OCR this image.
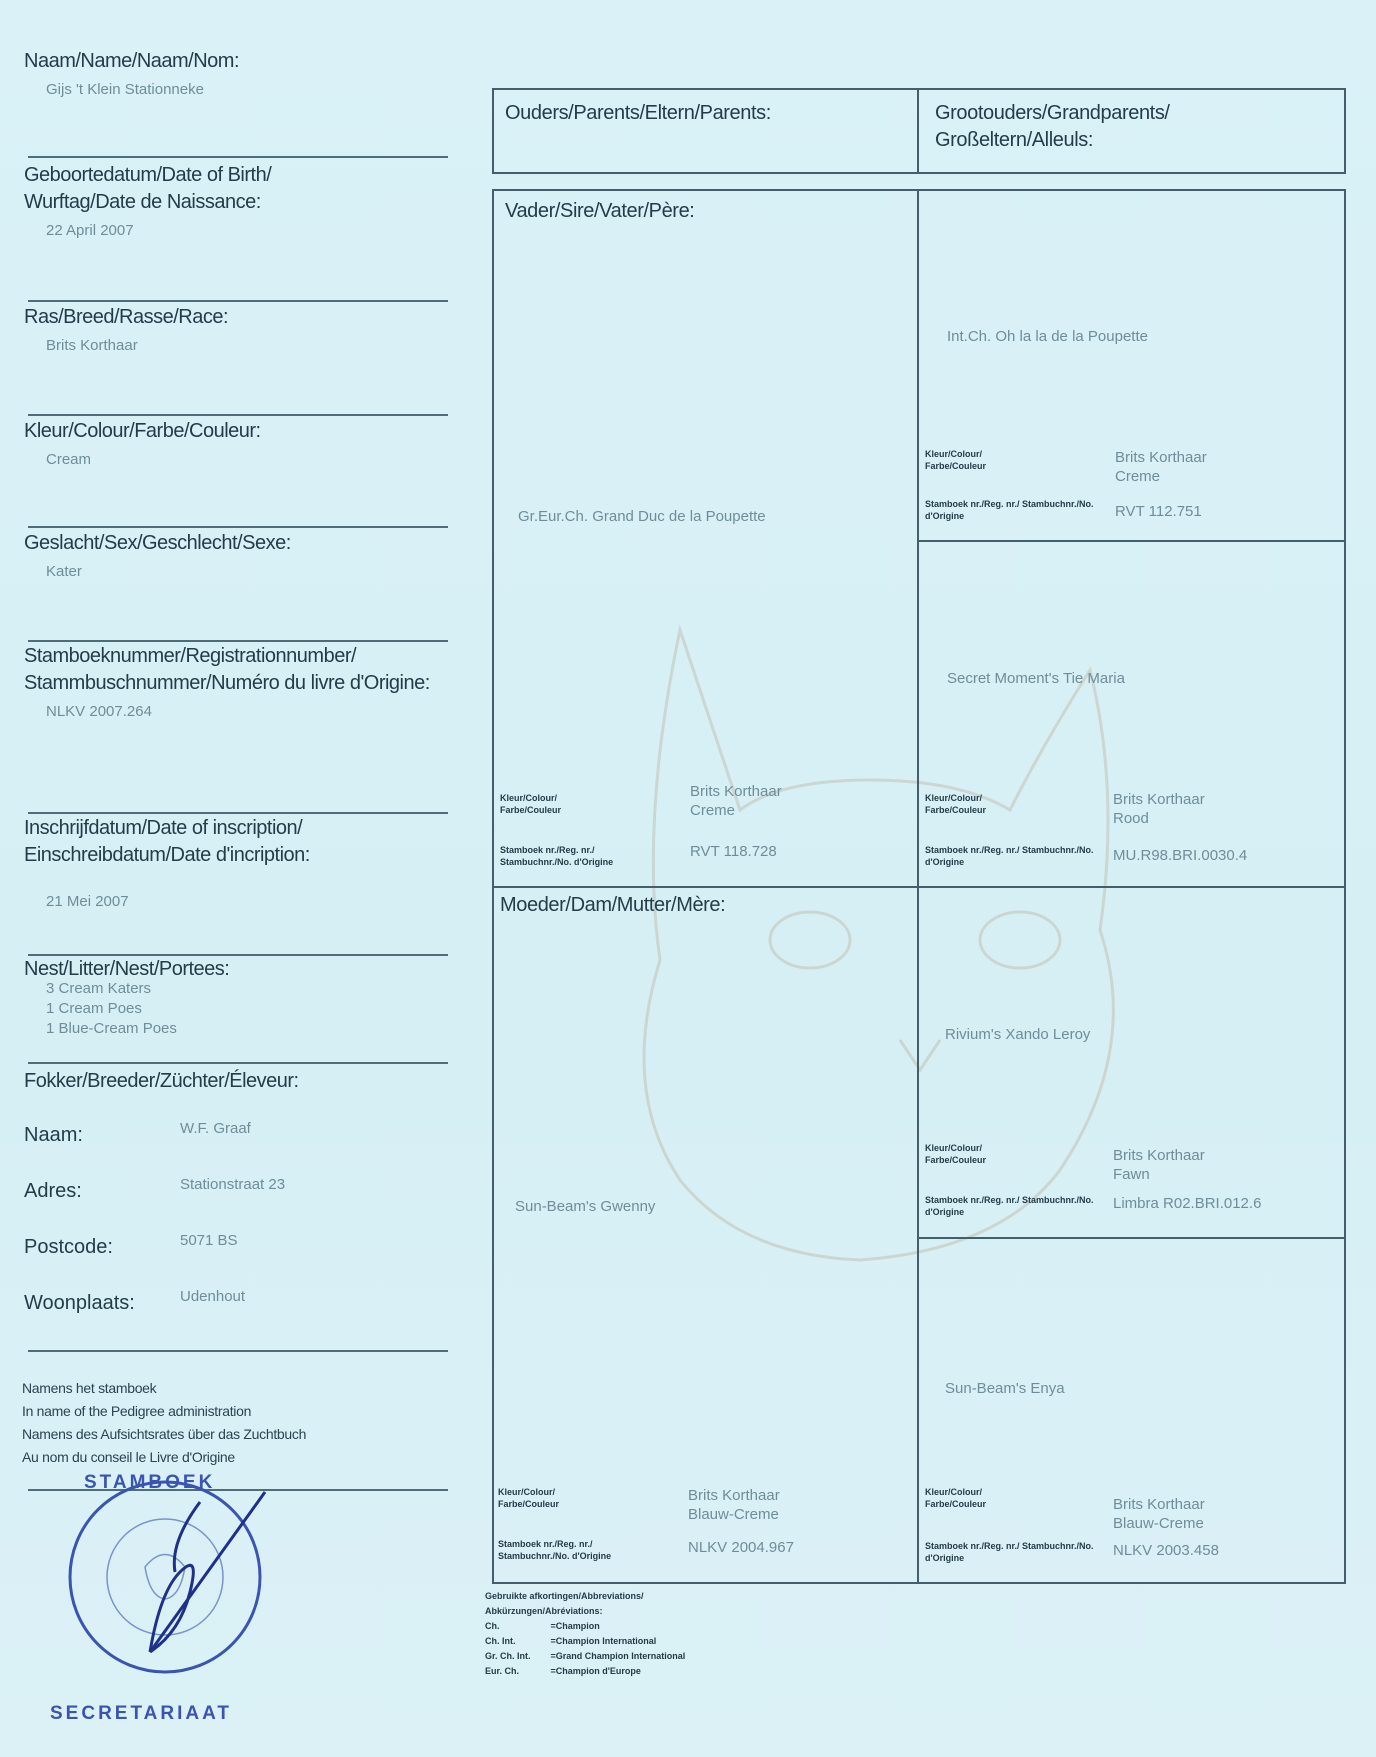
Naam/Name/Naam/Nom:
Gijs 't Klein Stationneke
Geboortedatum/Date of Birth/ Wurftag/Date de Naissance:
22 April 2007
Ras/Breed/Rasse/Race:
Brits Korthaar
Kleur/Colour/Farbe/Couleur:
Cream
Geslacht/Sex/Geschlecht/Sexe:
Kater
Stamboeknummer/Registrationnumber/ Stammbuschnummer/Numéro du livre d'Origine:
NLKV 2007.264
Inschrijfdatum/Date of inscription/ Einschreibdatum/Date d'incription:
21 Mei 2007
Nest/Litter/Nest/Portees:
3 Cream Katers
1 Cream Poes
1 Blue-Cream Poes
Fokker/Breeder/Züchter/Éleveur:
Naam:	W.F. Graaf
Adres:	Stationstraat 23
Postcode:	5071 BS
Woonplaats:	Udenhout
Namens het stamboek
In name of the Pedigree administration
Namens des Aufsichtsrates über das Zuchtbuch
Au nom du conseil le Livre d'Origine
STAMBOEK
SECRETARIAAT
Ouders/Parents/Eltern/Parents:	Grootouders/Grandparents/ Großeltern/Alleuls:
Vader/Sire/Vater/Père:
Gr.Eur.Ch. Grand Duc de la Poupette
Kleur/Colour/ Farbe/Couleur
Brits Korthaar
Creme
Stamboek nr./Reg. nr./ Stambuchnr./No. d'Origine
RVT 118.728
Moeder/Dam/Mutter/Mère:
Sun-Beam's Gwenny
Kleur/Colour/ Farbe/Couleur	Brits Korthaar
Blauw-Creme
Stamboek nr./Reg. nr./ Stambuchnr./No. d'Origine	NLKV 2004.967
Int.Ch. Oh la la de la Poupette
Kleur/Colour/ Farbe/Couleur	Brits Korthaar
Creme
Stamboek nr./Reg. nr./ Stambuchnr./No. d'Origine	RVT 112.751
Secret Moment's Tie Maria
Kleur/Colour/ Farbe/Couleur
Brits Korthaar
Rood
Stamboek nr./Reg. nr./ Stambuchnr./No. d'Origine	MU.R98.BRI.0030.4
Rivium's Xando Leroy
Kleur/Colour/ Farbe/Couleur	Brits Korthaar
Fawn
Stamboek nr./Reg. nr./ Stambuchnr./No. d'Origine	Limbra R02.BRI.012.6
Sun-Beam's Enya
Kleur/Colour/ Farbe/Couleur	Brits Korthaar
Blauw-Creme
Stamboek nr./Reg. nr./ Stambuchnr./No. d'Origine	NLKV 2003.458
Gebruikte afkortingen/Abbreviations/
Abkürzungen/Abréviations:
Ch.	=Champion
Ch. Int.	=Champion International
Gr. Ch. Int.	=Grand Champion International
Eur. Ch.	=Champion d'Europe
